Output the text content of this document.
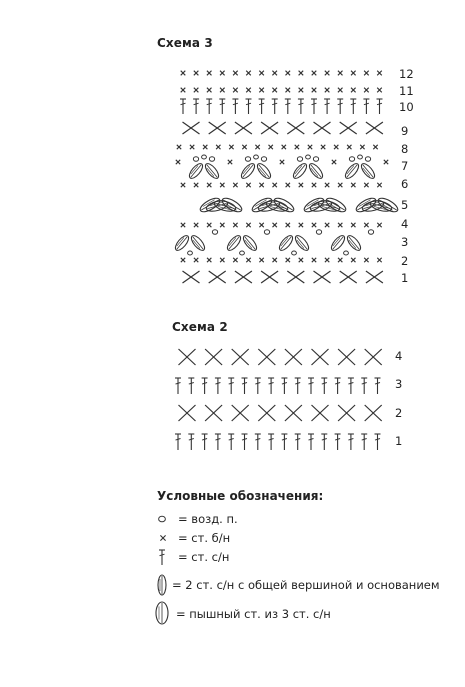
Схема 3
Схема 2
12
11
10
9
8
7
6
5
4
3
2
1
4
3
2
1
Условные обозначения:
= возд. п.
= ст. б/н
= ст. с/н
= 2 ст. с/н с общей вершиной и основанием
= пышный ст. из 3 ст. с/н
